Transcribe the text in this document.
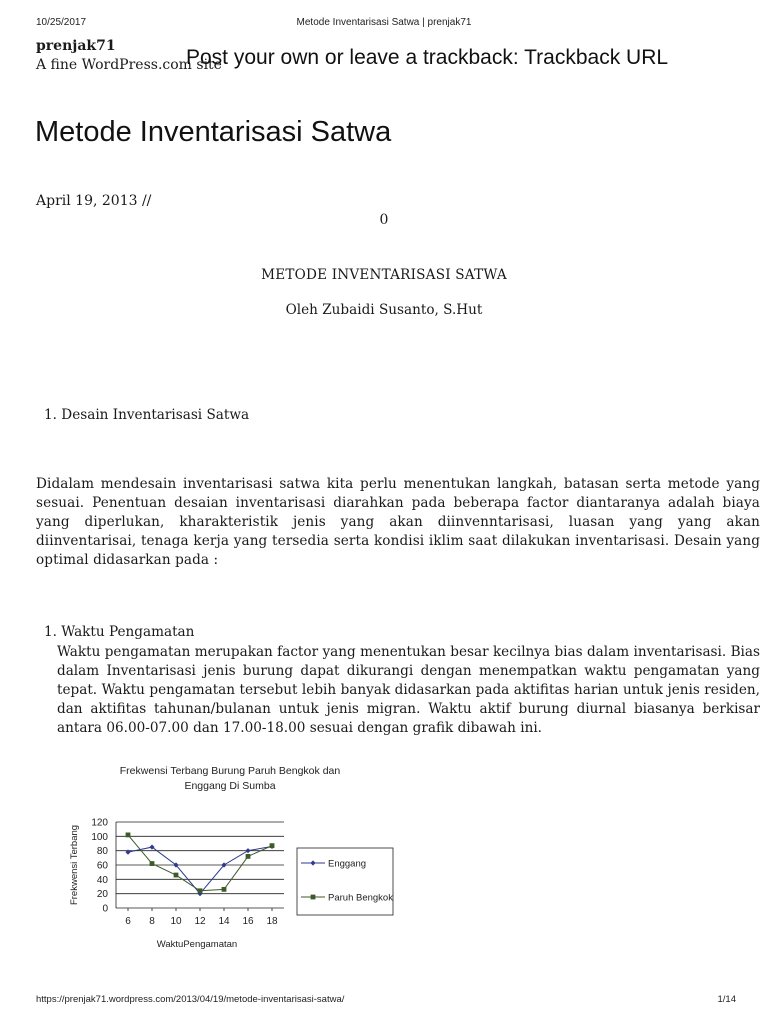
10/25/2017	Metode Inventarisasi Satwa | prenjak71
prenjak71
A fine WordPress.com site
Post your own or leave a trackback: Trackback URL
Metode Inventarisasi Satwa
April 19, 2013 //
0
METODE INVENTARISASI SATWA
Oleh Zubaidi Susanto, S.Hut
1. Desain Inventarisasi Satwa
Didalam mendesain inventarisasi satwa kita perlu menentukan langkah, batasan serta metode yang sesuai. Penentuan desaian inventarisasi diarahkan pada beberapa factor diantaranya adalah biaya yang diperlukan, kharakteristik jenis yang akan diinvenntarisasi, luasan yang yang akan diinventarisai, tenaga kerja yang tersedia serta kondisi iklim saat dilakukan inventarisasi. Desain yang optimal didasarkan pada :
1. Waktu Pengamatan
Waktu pengamatan merupakan factor yang menentukan besar kecilnya bias dalam inventarisasi. Bias dalam Inventarisasi jenis burung dapat dikurangi dengan menempatkan waktu pengamatan yang tepat. Waktu pengamatan tersebut lebih banyak didasarkan pada aktifitas harian untuk jenis residen, dan aktifitas tahunan/bulanan untuk jenis migran. Waktu aktif burung diurnal biasanya berkisar antara 06.00-07.00 dan 17.00-18.00 sesuai dengan grafik dibawah ini.
Frekwensi Terbang Burung Paruh Bengkok dan
Enggang Di Sumba
0
20
40
60
80
100
120
6 8 10 12 14 16 18
WaktuPengamatan
Frekwensi Terbang	Enggang
Paruh Bengkok
https://prenjak71.wordpress.com/2013/04/19/metode-inventarisasi-satwa/	1/14
